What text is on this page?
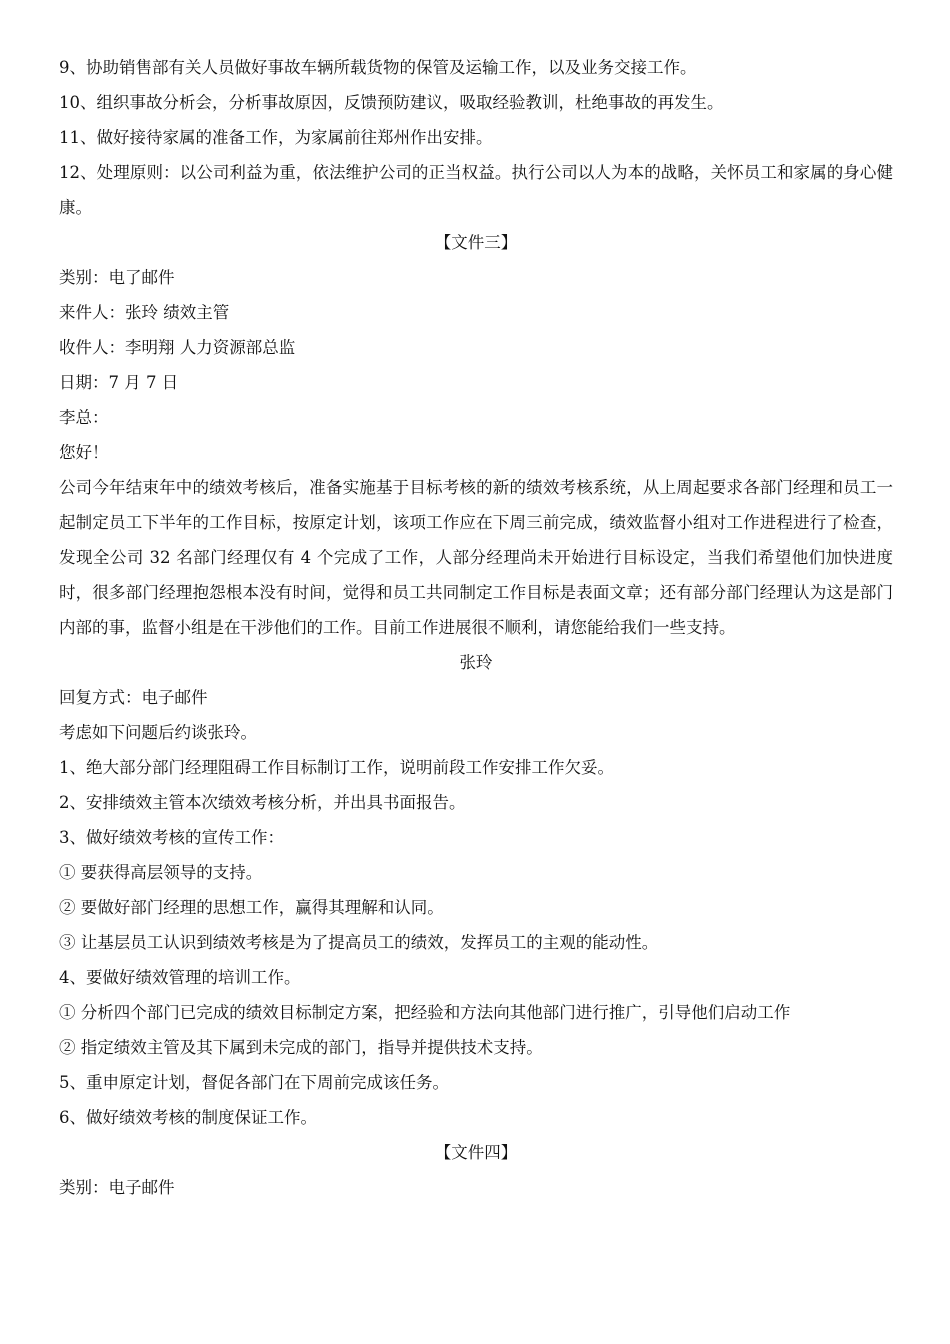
9、协助销售部有关人员做好事故车辆所载货物的保管及运输工作，以及业务交接工作。
10、组织事故分析会，分析事故原因，反馈预防建议，吸取经验教训，杜绝事故的再发生。
11、做好接待家属的准备工作，为家属前往郑州作出安排。
12、处理原则：以公司利益为重，依法维护公司的正当权益。执行公司以人为本的战略，关怀员工和家属的身心健康。
【文件三】
类别：电了邮件
来件人：张玲 绩效主管
收件人：李明翔 人力资源部总监
日期：7 月 7 日
李总：
您好！
公司今年结束年中的绩效考核后，准备实施基于目标考核的新的绩效考核系统，从上周起要求各部门经理和员工一起制定员工下半年的工作目标，按原定计划，该项工作应在下周三前完成，绩效监督小组对工作进程进行了检查，发现全公司 32 名部门经理仅有 4 个完成了工作，人部分经理尚未开始进行目标设定，当我们希望他们加快进度时，很多部门经理抱怨根本没有时间，觉得和员工共同制定工作目标是表面文章；还有部分部门经理认为这是部门内部的事，监督小组是在干涉他们的工作。目前工作进展很不顺利，请您能给我们一些支持。
张玲
回复方式：电子邮件
考虑如下问题后约谈张玲。
1、绝大部分部门经理阻碍工作目标制订工作，说明前段工作安排工作欠妥。
2、安排绩效主管本次绩效考核分析，并出具书面报告。
3、做好绩效考核的宣传工作：
① 要获得高层领导的支持。
② 要做好部门经理的思想工作，赢得其理解和认同。
③ 让基层员工认识到绩效考核是为了提高员工的绩效，发挥员工的主观的能动性。
4、要做好绩效管理的培训工作。
① 分析四个部门已完成的绩效目标制定方案，把经验和方法向其他部门进行推广，引导他们启动工作
② 指定绩效主管及其下属到未完成的部门，指导并提供技术支持。
5、重申原定计划，督促各部门在下周前完成该任务。
6、做好绩效考核的制度保证工作。
【文件四】
类别：电子邮件
